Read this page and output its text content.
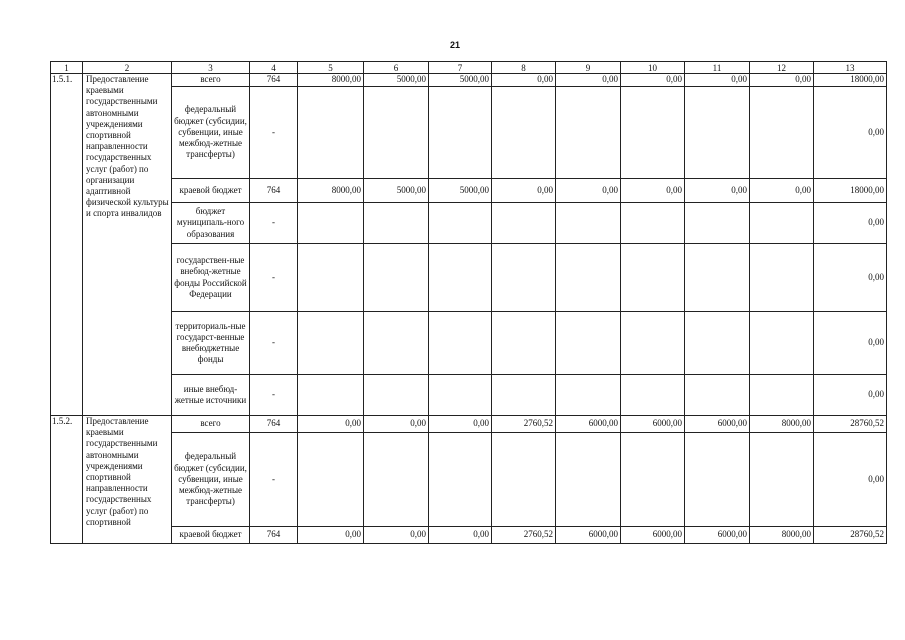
21
1	2	3	4	5	6	7	8	9	10	11	12	13
1.5.1.	Предоставление краевыми государственными автономными учреждениями спортивной направленности государственных услуг (работ) по организации адаптивной физической культуры и спорта инвалидов	всего	764	8000,00	5000,00	5000,00	0,00	0,00	0,00	0,00	0,00	18000,00
		федеральный бюджет (субсидии, субвенции, иные межбюд-жетные трансферты)	-									0,00
		краевой бюджет	764	8000,00	5000,00	5000,00	0,00	0,00	0,00	0,00	0,00	18000,00
		бюджет муниципаль-ного образования	-									0,00
		государствен-ные внебюд-жетные фонды Российской Федерации	-									0,00
		территориаль-ные государст-венные внебюджетные фонды	-									0,00
		иные внебюд-жетные источники	-									0,00
1.5.2.	Предоставление краевыми государственными автономными учреждениями спортивной направленности государственных услуг (работ) по спортивной	всего	764	0,00	0,00	0,00	2760,52	6000,00	6000,00	6000,00	8000,00	28760,52
		федеральный бюджет (субсидии, субвенции, иные межбюд-жетные трансферты)	-									0,00
		краевой бюджет	764	0,00	0,00	0,00	2760,52	6000,00	6000,00	6000,00	8000,00	28760,52
